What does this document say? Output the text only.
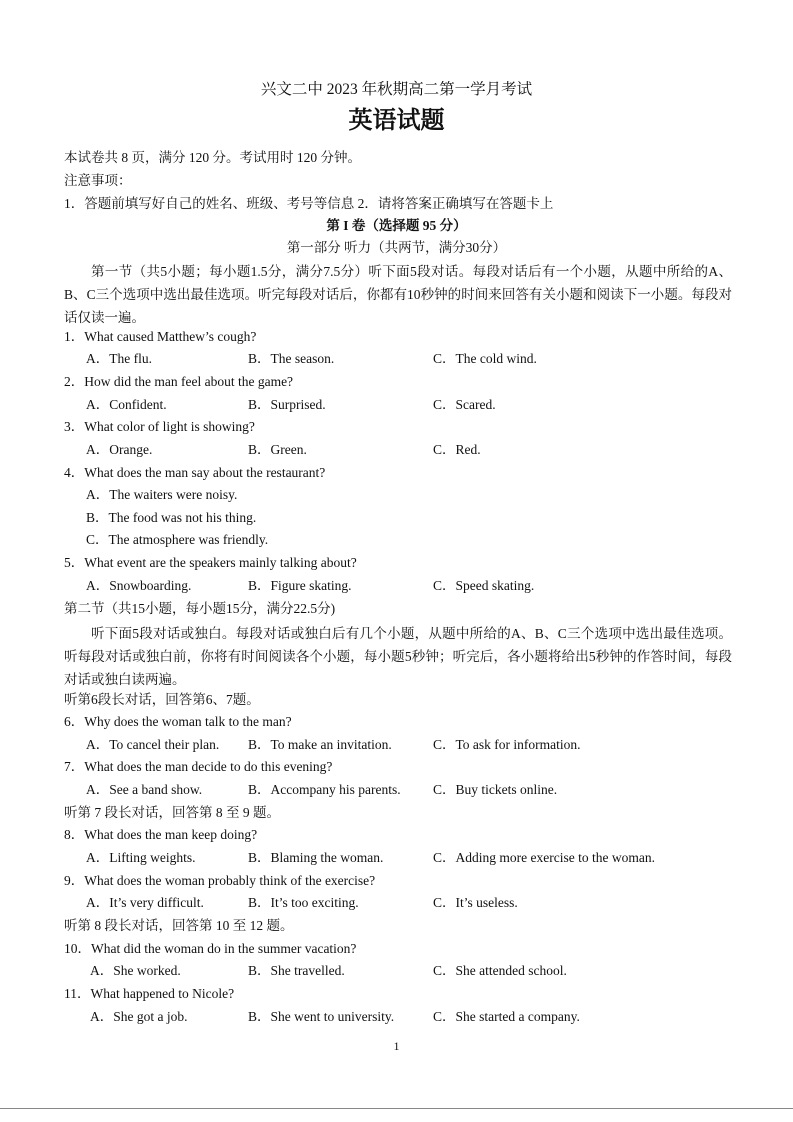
兴文二中 2023 年秋期高二第一学月考试
英语试题
本试卷共 8 页，满分 120 分。考试用时 120 分钟。
注意事项：
1．答题前填写好自己的姓名、班级、考号等信息 2．请将答案正确填写在答题卡上
第 I 卷（选择题 95 分）
第一部分 听力（共两节，满分30分）
第一节（共5小题；每小题1.5分，满分7.5分）听下面5段对话。每段对话后有一个小题，从题中所给的A、B、C三个选项中选出最佳选项。听完每段对话后，你都有10秒钟的时间来回答有关小题和阅读下一小题。每段对话仅读一遍。
1．What caused Matthew’s cough?
A．The flu.	B．The season.	C．The cold wind.
2．How did the man feel about the game?
A．Confident.	B．Surprised.	C．Scared.
3．What color of light is showing?
A．Orange.	B．Green.	C．Red.
4．What does the man say about the restaurant?
A．The waiters were noisy.
B．The food was not his thing.
C．The atmosphere was friendly.
5．What event are the speakers mainly talking about?
A．Snowboarding.	B．Figure skating.	C．Speed skating.
第二节（共15小题，每小题15分，满分22.5分)
听下面5段对话或独白。每段对话或独白后有几个小题，从题中所给的A、B、C三个选项中选出最佳选项。听每段对话或独白前，你将有时间阅读各个小题，每小题5秒钟；听完后，各小题将给出5秒钟的作答时间，每段对话或独白读两遍。
听第6段长对话，回答第6、7题。
6．Why does the woman talk to the man?
A．To cancel their plan. B．To make an invitation.	C．To ask for information.
7．What does the man decide to do this evening?
A．See a band show.	B．Accompany his parents. C．Buy tickets online.
听第 7 段长对话，回答第 8 至 9 题。
8．What does the man keep doing?
A．Lifting weights.	B．Blaming the woman.	C．Adding more exercise to the woman.
9．What does the woman probably think of the exercise?
A．It’s very difficult.	B．It’s too exciting.	C．It’s useless.
听第 8 段长对话，回答第 10 至 12 题。
10．What did the woman do in the summer vacation?
A．She worked.	B．She travelled.	C．She attended school.
11．What happened to Nicole?
A．She got a job.	B．She went to university.	C．She started a company.
1
